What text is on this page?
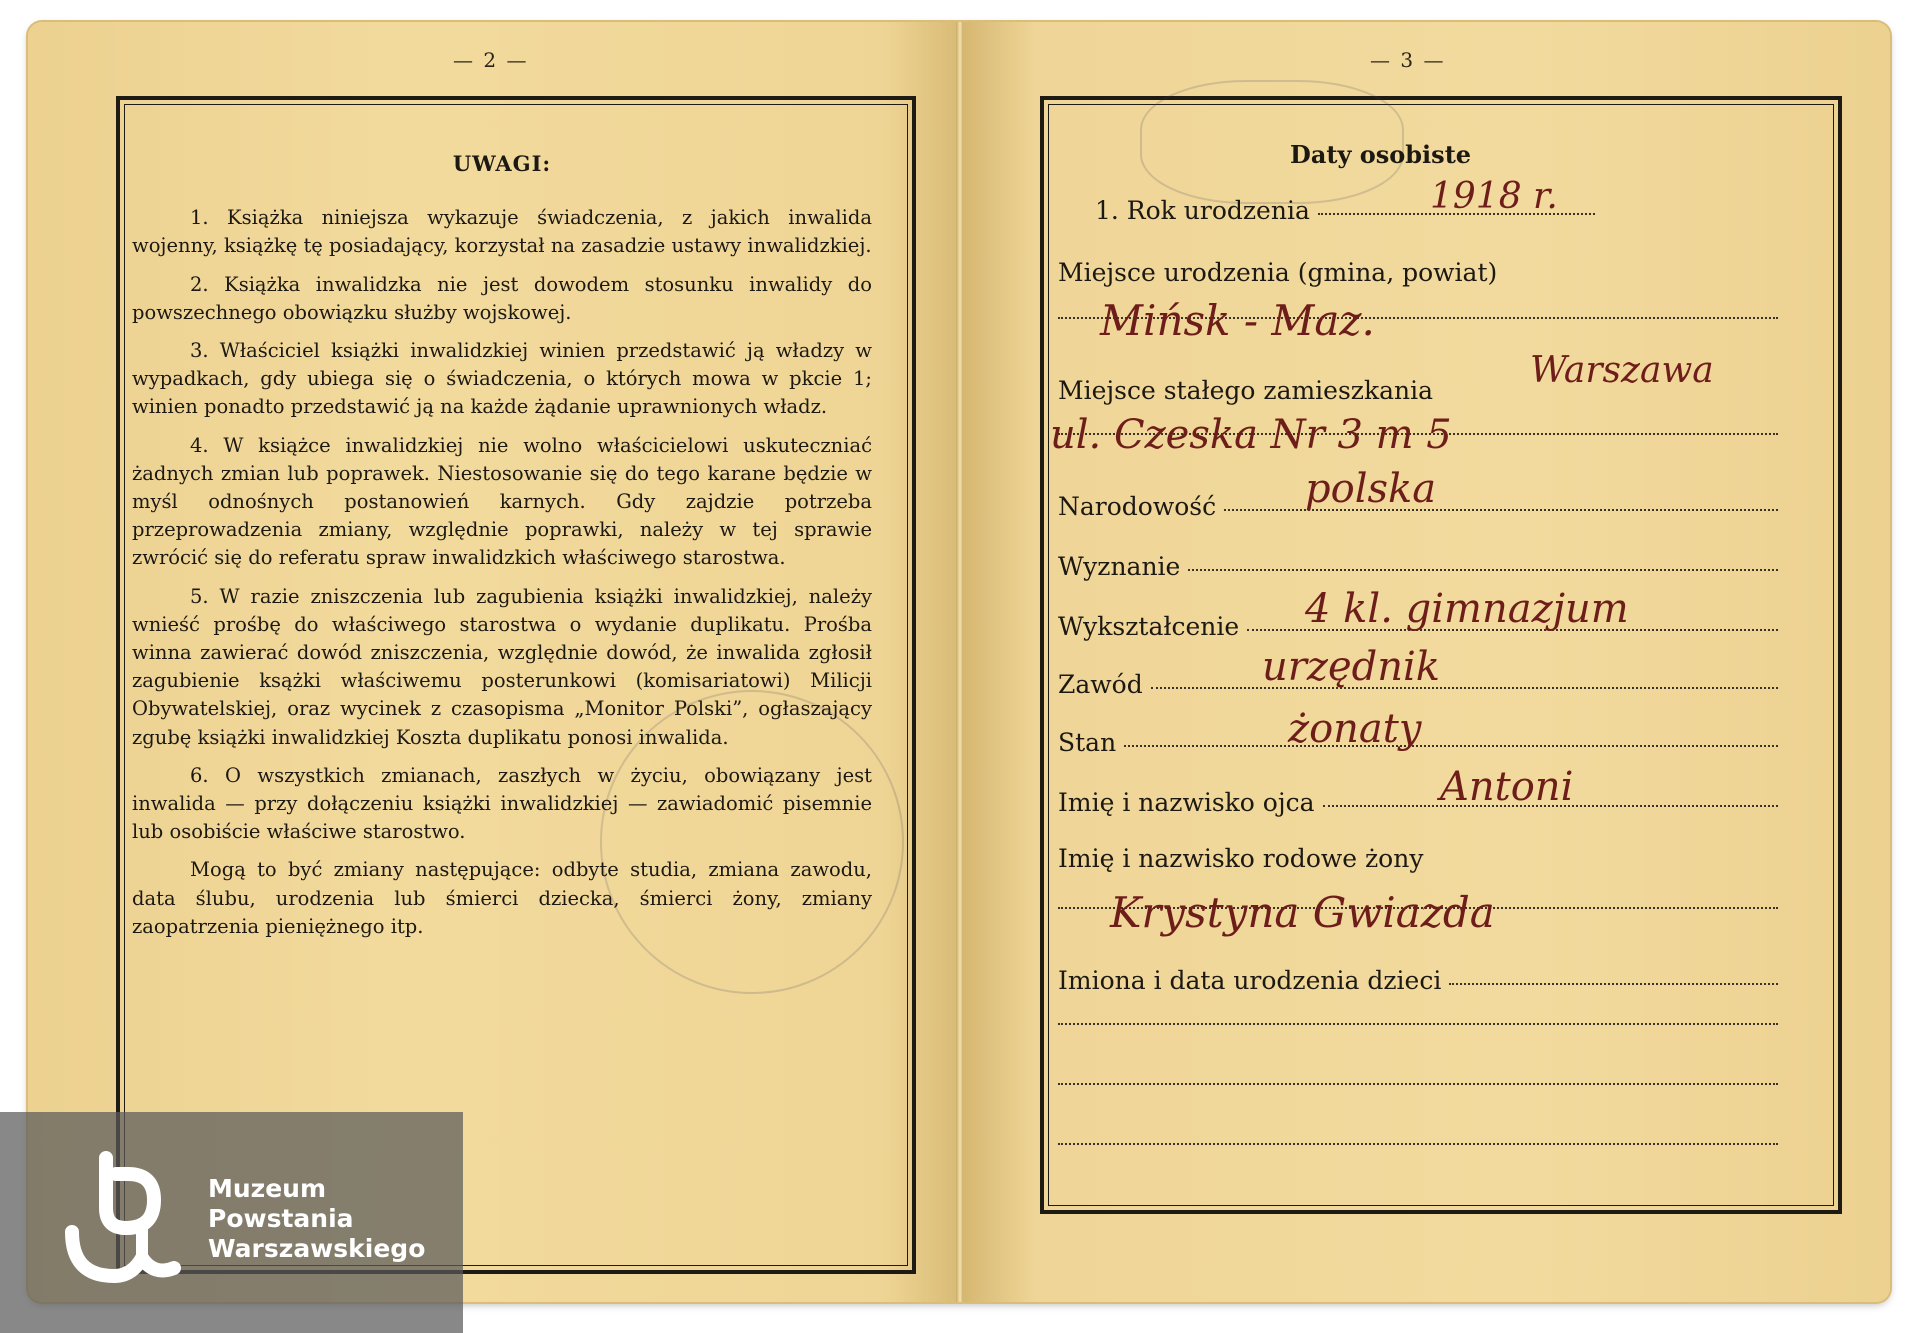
— 2 —	— 3 —
UWAGI:

1. Książka niniejsza wykazuje świadczenia, z jakich inwalida wojenny, książkę tę posiadający, korzystał na zasadzie ustawy inwalidzkiej.

2. Książka inwalidzka nie jest dowodem stosunku inwalidy do powszechnego obowiązku służby wojskowej.

3. Właściciel książki inwalidzkiej winien przedstawić ją władzy w wypadkach, gdy ubiega się o świadczenia, o których mowa w pkcie 1; winien ponadto przedstawić ją na każde żądanie uprawnionych władz.

4. W książce inwalidzkiej nie wolno właścicielowi uskuteczniać żadnych zmian lub poprawek. Niestosowanie się do tego karane będzie w myśl odnośnych postanowień karnych. Gdy zajdzie potrzeba przeprowadzenia zmiany, względnie poprawki, należy w tej sprawie zwrócić się do referatu spraw inwalidzkich właściwego starostwa.

5. W razie zniszczenia lub zagubienia książki inwalidzkiej, należy wnieść prośbę do właściwego starostwa o wydanie duplikatu. Prośba winna zawierać dowód zniszczenia, względnie dowód, że inwalida zgłosił zagubienie ksążki właściwemu posterunkowi (komisariatowi) Milicji Obywatelskiej, oraz wycinek z czasopisma „Monitor Polski”, ogłaszający zgubę książki inwalidzkiej Koszta duplikatu ponosi inwalida.

6. O wszystkich zmianach, zaszłych w życiu, obowiązany jest inwalida — przy dołączeniu książki inwalidzkiej — zawiadomić pisemnie lub osobiście właściwe starostwo.

Mogą to być zmiany następujące: odbyte studia, zmiana zawodu, data ślubu, urodzenia lub śmierci dziecka, śmierci żony, zmiany zaopatrzenia pieniężnego itp.

Daty osobiste
1. Rok urodzenia	1918 r.
Miejsce urodzenia (gmina, powiat)
Mińsk - Maz.
Miejsce stałego zamieszkania	Warszawa
ul. Czeska Nr 3 m 5
Narodowość polska
Wyznanie
Wykształcenie 4 kl. gimnazjum
Zawód	urzędnik
Stan	żonaty
Imię i nazwisko ojca	Antoni
Imię i nazwisko rodowe żony
Krystyna Gwiazda
Imiona i data urodzenia dzieci
Muzeum
Powstania
Warszawskiego
